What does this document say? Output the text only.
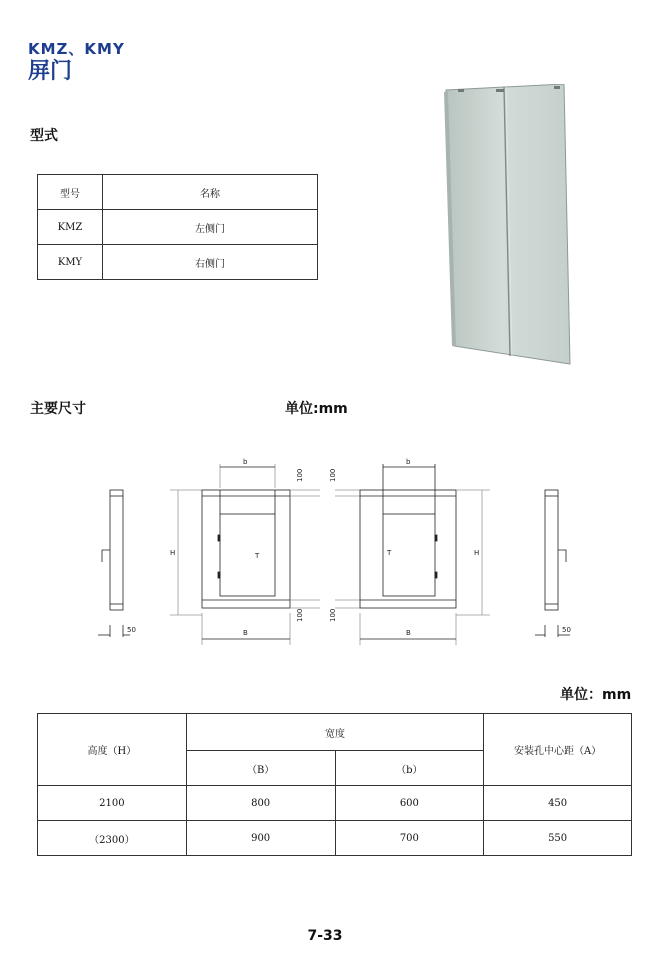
KMZ、KMY
屏门
型式
型号	名称
KMZ	左侧门
KMY	右侧门
主要尺寸	单位:mm
50
T
b
B
H
100
100
100
100
T
b
B
H
50
单位：mm
高度（H）	宽度		安装孔中心距（A）
	（B）	（b）	
2100	800	600	450
（2300）	900	700	550
7-33
